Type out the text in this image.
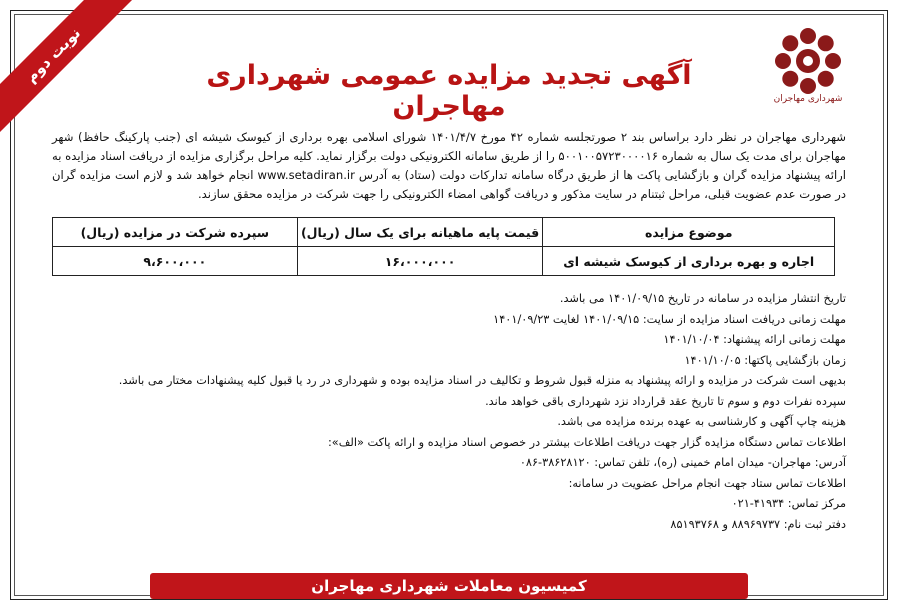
نوبت دوم
شهرداری مهاجران
آگهی تجدید مزایده عمومی شهرداری مهاجران
شهرداری مهاجران در نظر دارد براساس بند ۲ صورتجلسه شماره ۴۲ مورخ ۱۴۰۱/۴/۷ شورای اسلامی بهره برداری از کیوسک شیشه ای (جنب پارکینگ حافظ) شهر مهاجران برای مدت یک سال به شماره ۵۰۰۱۰۰۵۷۲۳۰۰۰۰۱۶ را از طریق سامانه الکترونیکی دولت برگزار نماید. کلیه مراحل برگزاری مزایده از دریافت اسناد مزایده به ارائه پیشنهاد مزایده گران و بازگشایی پاکت ها از طریق درگاه سامانه تدارکات دولت (ستاد) به آدرس www.setadiran.ir انجام خواهد شد و لازم است مزایده گران در صورت عدم عضویت قبلی، مراحل ثبتنام در سایت مذکور و دریافت گواهی امضاء الکترونیکی را جهت شرکت در مزایده محقق سازند.
موضوع مزایده	قیمت پایه ماهیانه برای یک سال (ریال)	سپرده شرکت در مزایده (ریال)
اجاره و بهره برداری از کیوسک شیشه ای	۱۶،۰۰۰،۰۰۰	۹،۶۰۰،۰۰۰
تاریخ انتشار مزایده در سامانه در تاریخ ۱۴۰۱/۰۹/۱۵ می باشد.
مهلت زمانی دریافت اسناد مزایده از سایت: ۱۴۰۱/۰۹/۱۵ لغایت ۱۴۰۱/۰۹/۲۳
مهلت زمانی ارائه پیشنهاد: ۱۴۰۱/۱۰/۰۴
زمان بازگشایی پاکتها: ۱۴۰۱/۱۰/۰۵
بدیهی است شرکت در مزایده و ارائه پیشنهاد به منزله قبول شروط و تکالیف در اسناد مزایده بوده و شهرداری در رد یا قبول کلیه پیشنهادات مختار می باشد.
سپرده نفرات دوم و سوم تا تاریخ عقد قرارداد نزد شهرداری باقی خواهد ماند.
هزینه چاپ آگهی و کارشناسی به عهده برنده مزایده می باشد.
اطلاعات تماس دستگاه مزایده گزار جهت دریافت اطلاعات بیشتر در خصوص اسناد مزایده و ارائه پاکت «الف»:
آدرس: مهاجران- میدان امام خمینی (ره)، تلفن تماس: ۳۸۶۲۸۱۲۰-۰۸۶
اطلاعات تماس ستاد جهت انجام مراحل عضویت در سامانه:
مرکز تماس: ۴۱۹۳۴-۰۲۱
دفتر ثبت نام: ۸۸۹۶۹۷۳۷ و ۸۵۱۹۳۷۶۸
کمیسیون معاملات شهرداری مهاجران
